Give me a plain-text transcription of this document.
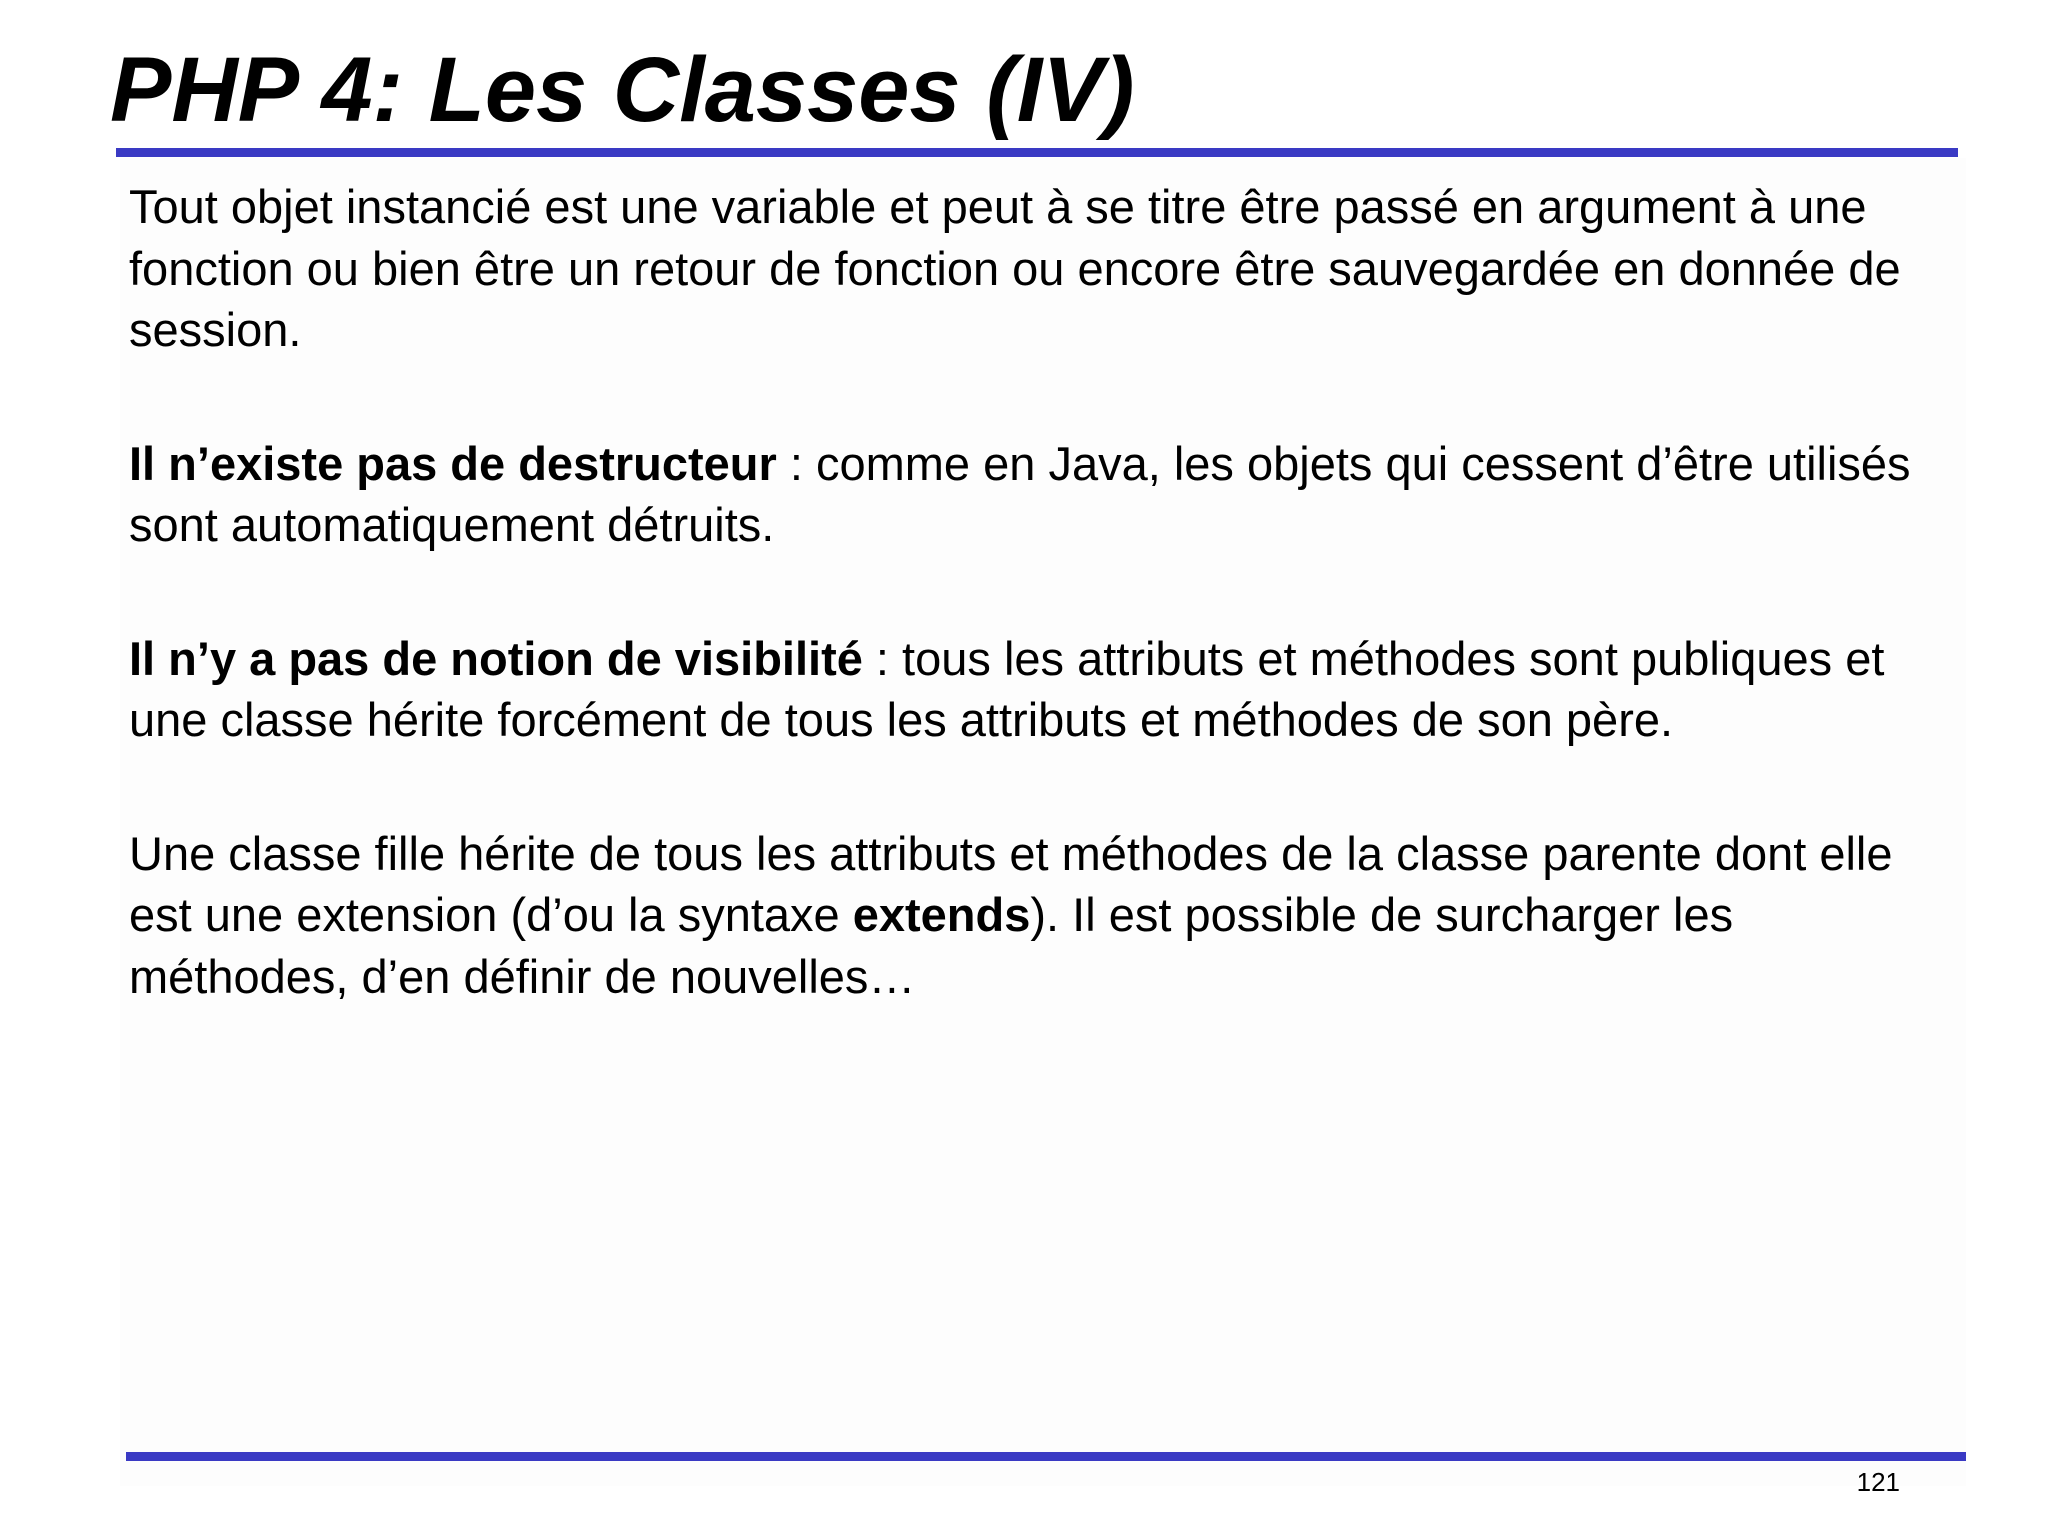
PHP 4: Les Classes (IV)

Tout objet instancié est une variable et peut à se titre être passé en argument à une fonction ou bien être un retour de fonction ou encore être sauvegardée en donnée de session.

Il n’existe pas de destructeur : comme en Java, les objets qui cessent d’être utilisés sont automatiquement détruits.

Il n’y a pas de notion de visibilité : tous les attributs et méthodes sont publiques et une classe hérite forcément de tous les attributs et méthodes de son père.

Une classe fille hérite de tous les attributs et méthodes de la classe parente dont elle est une extension (d’ou la syntaxe extends). Il est possible de surcharger les méthodes, d’en définir de nouvelles…

121
